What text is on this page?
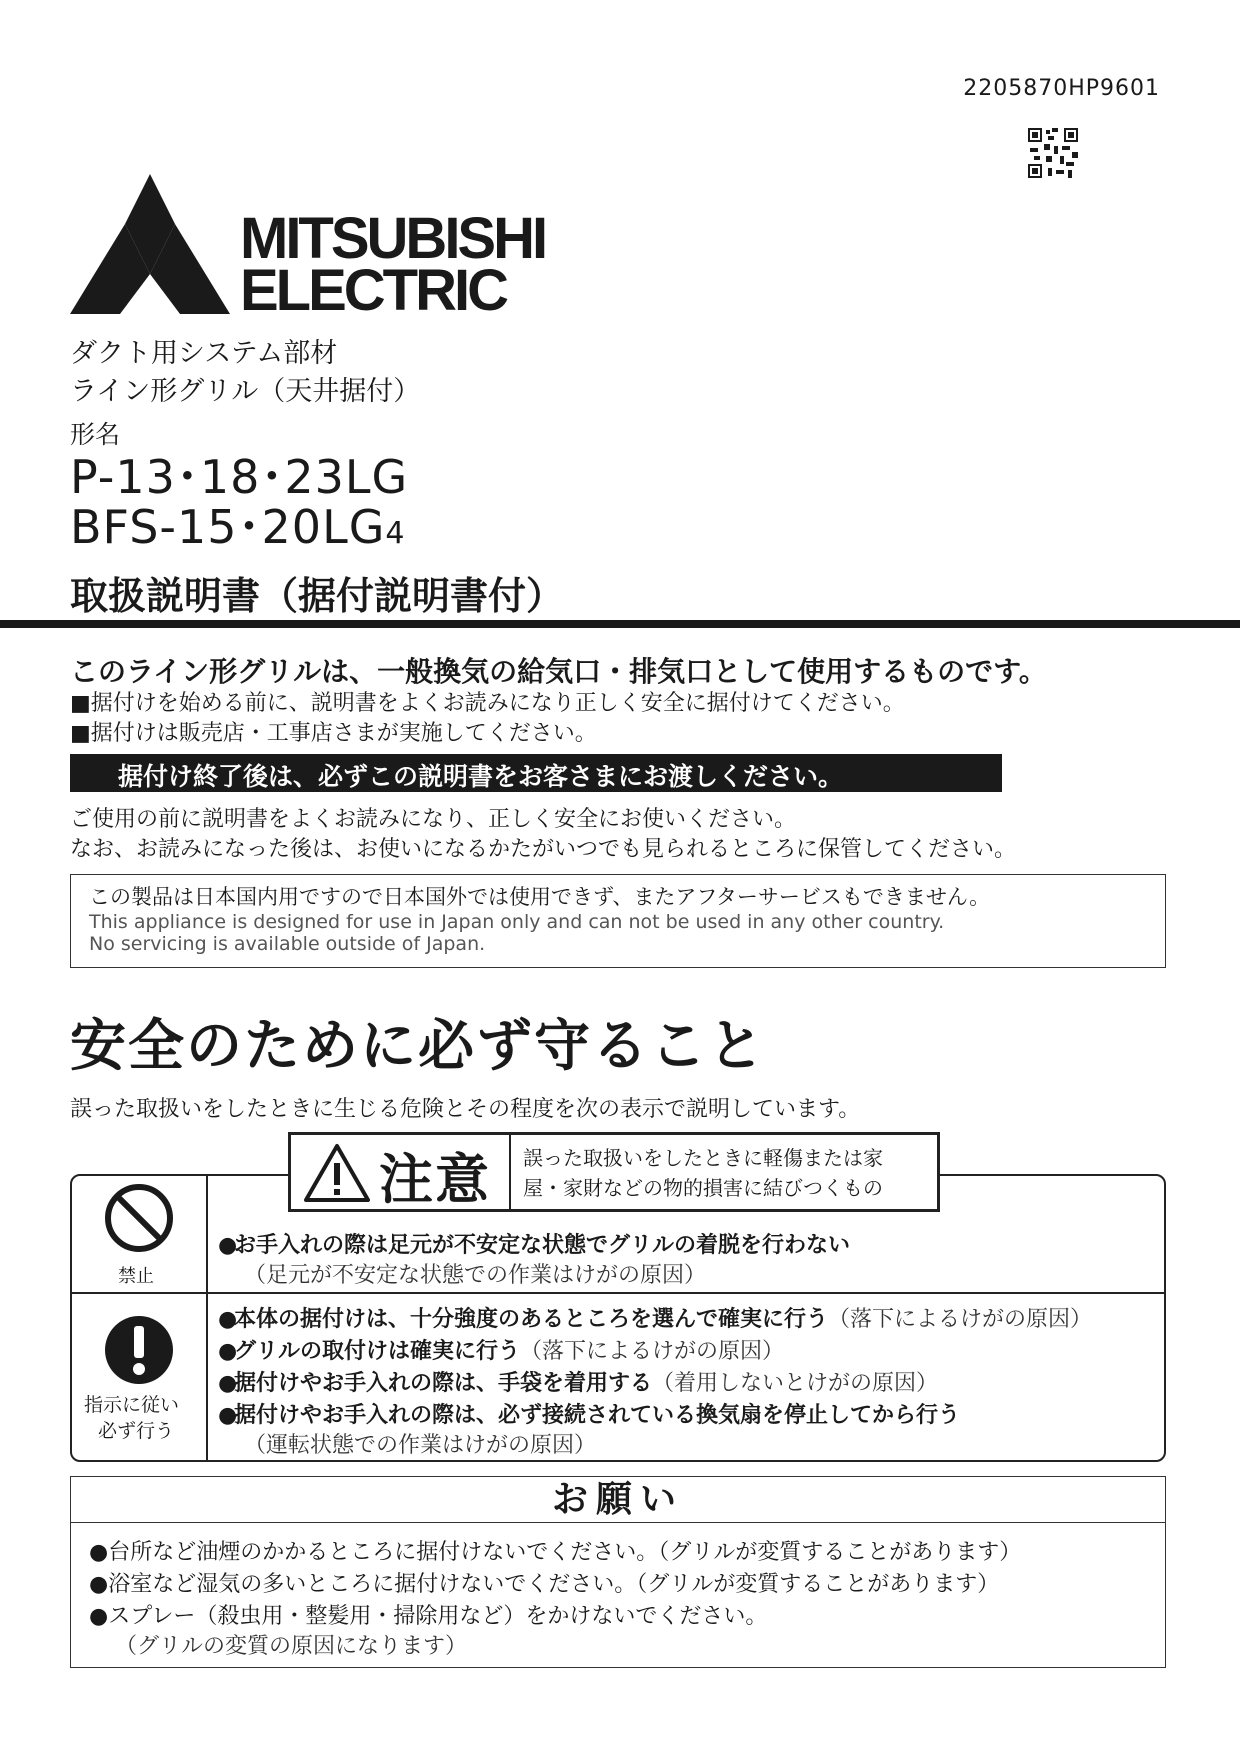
2205870HP9601
MITSUBISHI
ELECTRIC
ダクト用システム部材
ライン形グリル（天井据付）
形名
P-13･18･23LG
BFS-15･20LG4
取扱説明書（据付説明書付）
このライン形グリルは、一般換気の給気口・排気口として使用するものです。
■据付けを始める前に、説明書をよくお読みになり正しく安全に据付けてください。
■据付けは販売店・工事店さまが実施してください。
据付け終了後は、必ずこの説明書をお客さまにお渡しください。
ご使用の前に説明書をよくお読みになり、正しく安全にお使いください。
なお、お読みになった後は、お使いになるかたがいつでも見られるところに保管してください。
この製品は日本国内用ですので日本国外では使用できず、またアフターサービスもできません。
This appliance is designed for use in Japan only and can not be used in any other country.
No servicing is available outside of Japan.
安全のために必ず守ること
誤った取扱いをしたときに生じる危険とその程度を次の表示で説明しています。
注意 誤った取扱いをしたときに軽傷または家
屋・家財などの物的損害に結びつくもの
禁止
●お手入れの際は足元が不安定な状態でグリルの着脱を行わない
（足元が不安定な状態での作業はけがの原因）
指示に従い
必ず行う
●本体の据付けは、十分強度のあるところを選んで確実に行う（落下によるけがの原因）
●グリルの取付けは確実に行う（落下によるけがの原因）
●据付けやお手入れの際は、手袋を着用する（着用しないとけがの原因）
●据付けやお手入れの際は、必ず接続されている換気扇を停止してから行う
（運転状態での作業はけがの原因）
お願い
●台所など油煙のかかるところに据付けないでください。（グリルが変質することがあります）
●浴室など湿気の多いところに据付けないでください。（グリルが変質することがあります）
●スプレー（殺虫用・整髪用・掃除用など）をかけないでください。
（グリルの変質の原因になります）
